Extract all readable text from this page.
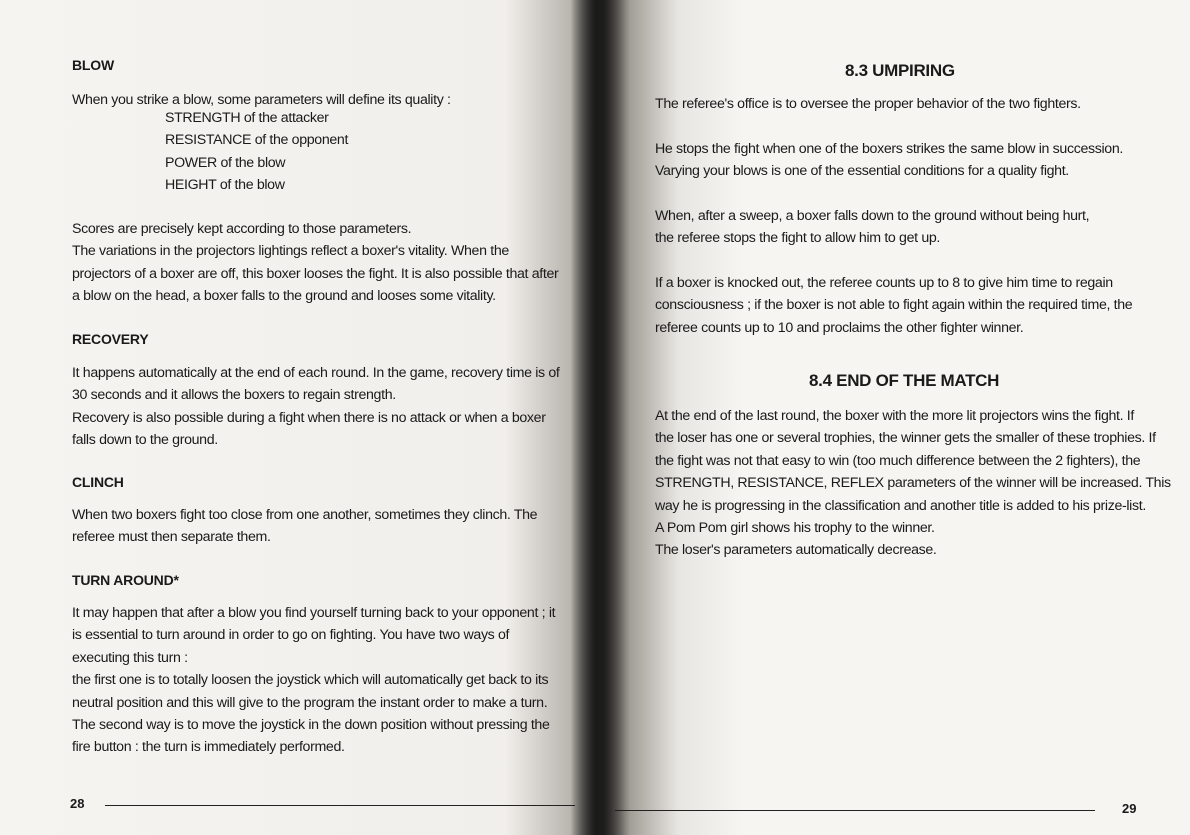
BLOW
When you strike a blow, some parameters will define its quality :
STRENGTH of the attacker
RESISTANCE of the opponent
POWER of the blow
HEIGHT of the blow
Scores are precisely kept according to those parameters.
The variations in the projectors lightings reflect a boxer's vitality. When the
projectors of a boxer are off, this boxer looses the fight. It is also possible that after
a blow on the head, a boxer falls to the ground and looses some vitality.
RECOVERY
It happens automatically at the end of each round. In the game, recovery time is of
30 seconds and it allows the boxers to regain strength.
Recovery is also possible during a fight when there is no attack or when a boxer
falls down to the ground.
CLINCH
When two boxers fight too close from one another, sometimes they clinch. The
referee must then separate them.
TURN AROUND*
It may happen that after a blow you find yourself turning back to your opponent ; it
is essential to turn around in order to go on fighting. You have two ways of
executing this turn :
the first one is to totally loosen the joystick which will automatically get back to its
neutral position and this will give to the program the instant order to make a turn.
The second way is to move the joystick in the down position without pressing the
fire button : the turn is immediately performed.
28
8.3 UMPIRING
The referee's office is to oversee the proper behavior of the two fighters.
He stops the fight when one of the boxers strikes the same blow in succession.
Varying your blows is one of the essential conditions for a quality fight.
When, after a sweep, a boxer falls down to the ground without being hurt,
the referee stops the fight to allow him to get up.
If a boxer is knocked out, the referee counts up to 8 to give him time to regain
consciousness ; if the boxer is not able to fight again within the required time, the
referee counts up to 10 and proclaims the other fighter winner.
8.4 END OF THE MATCH
At the end of the last round, the boxer with the more lit projectors wins the fight. If
the loser has one or several trophies, the winner gets the smaller of these trophies. If
the fight was not that easy to win (too much difference between the 2 fighters), the
STRENGTH, RESISTANCE, REFLEX parameters of the winner will be increased. This
way he is progressing in the classification and another title is added to his prize-list.
A Pom Pom girl shows his trophy to the winner.
The loser's parameters automatically decrease.
29
